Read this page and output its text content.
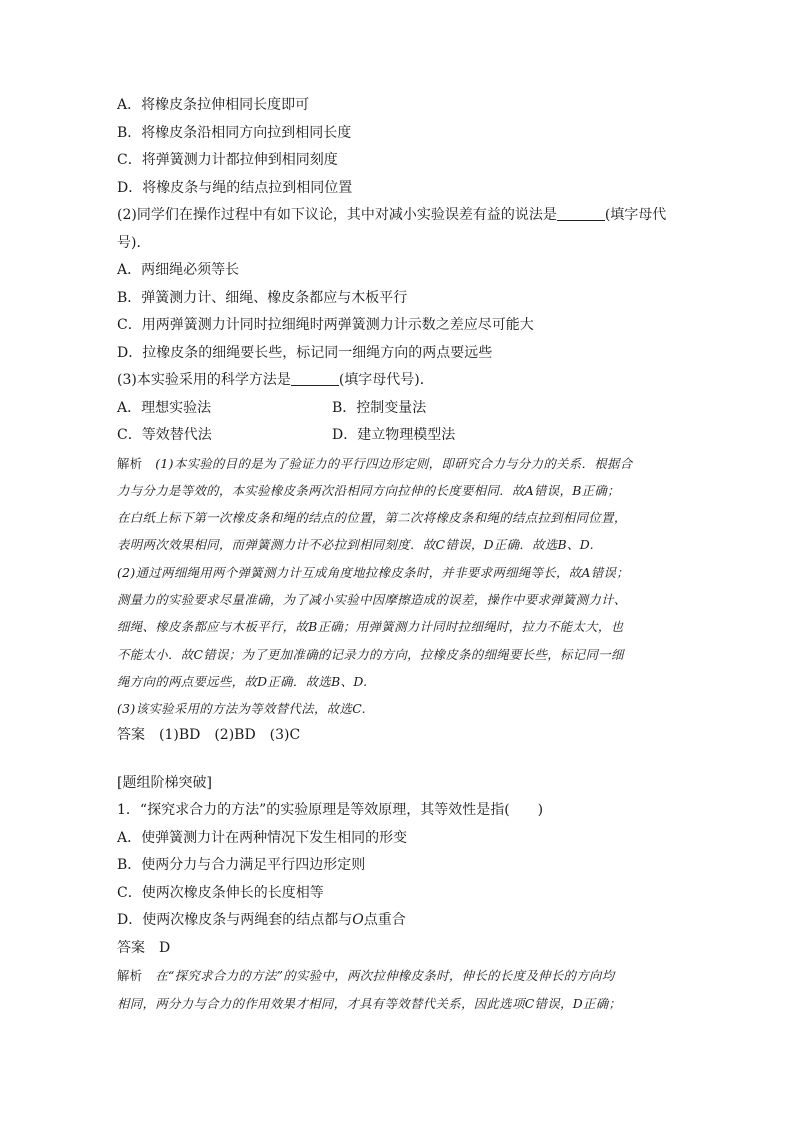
A．将橡皮条拉伸相同长度即可
B．将橡皮条沿相同方向拉到相同长度
C．将弹簧测力计都拉伸到相同刻度
D．将橡皮条与绳的结点拉到相同位置
(2)同学们在操作过程中有如下议论，其中对减小实验误差有益的说法是	(填字母代
号)．
A．两细绳必须等长
B．弹簧测力计、细绳、橡皮条都应与木板平行
C．用两弹簧测力计同时拉细绳时两弹簧测力计示数之差应尽可能大
D．拉橡皮条的细绳要长些，标记同一细绳方向的两点要远些
(3)本实验采用的科学方法是	(填字母代号)．
A．理想实验法	B．控制变量法
C．等效替代法	D．建立物理模型法
解析　 (1)本实验的目的是为了验证力的平行四边形定则，即研究合力与分力的关系．根据合
力与分力是等效的，本实验橡皮条两次沿相同方向拉伸的长度要相同．故A错误，B正确；
在白纸上标下第一次橡皮条和绳的结点的位置，第二次将橡皮条和绳的结点拉到相同位置，
表明两次效果相同，而弹簧测力计不必拉到相同刻度．故C错误，D正确．故选B、D.
(2)通过两细绳用两个弹簧测力计互成角度地拉橡皮条时，并非要求两细绳等长，故A错误；
测量力的实验要求尽量准确，为了减小实验中因摩擦造成的误差，操作中要求弹簧测力计、
细绳、橡皮条都应与木板平行，故B正确；用弹簧测力计同时拉细绳时，拉力不能太大，也
不能太小．故C错误；为了更加准确的记录力的方向，拉橡皮条的细绳要长些，标记同一细
绳方向的两点要远些，故D正确．故选B、D.
(3)该实验采用的方法为等效替代法，故选C.
答案　 (1)BD　(2)BD　(3)C
[题组阶梯突破]
1．“探究求合力的方法”的实验原理是等效原理，其等效性是指(　　)
A．使弹簧测力计在两种情况下发生相同的形变
B．使两分力与合力满足平行四边形定则
C．使两次橡皮条伸长的长度相等
D．使两次橡皮条与两绳套的结点都与O点重合
答案　 D
解析　 在“探究求合力的方法”的实验中，两次拉伸橡皮条时，伸长的长度及伸长的方向均
相同，两分力与合力的作用效果才相同，才具有等效替代关系，因此选项C错误，D正确；
